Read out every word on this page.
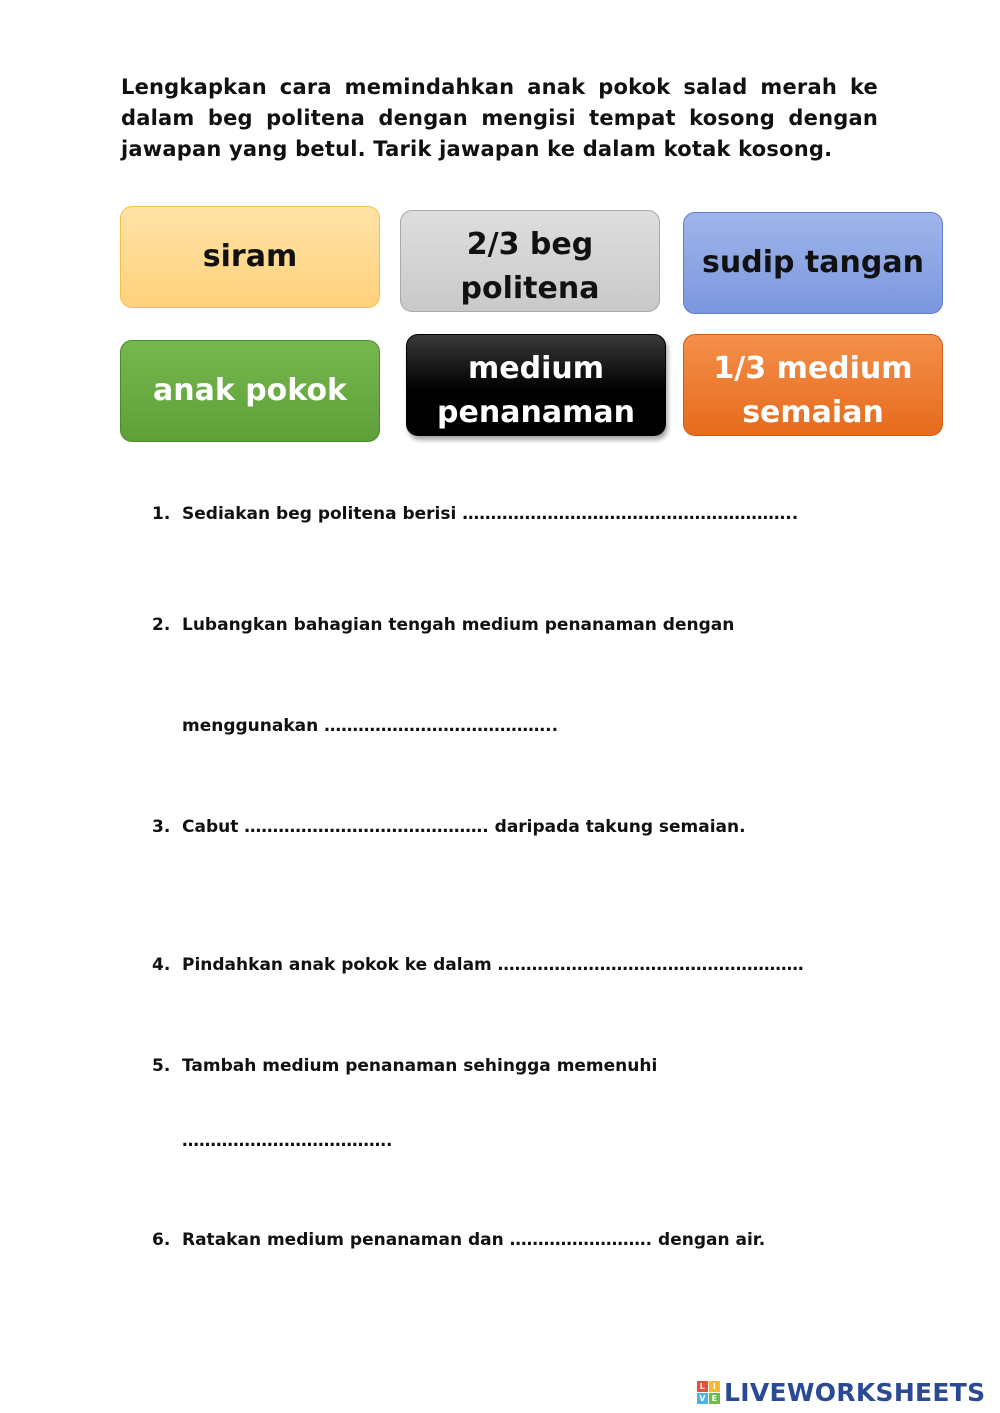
Lengkapkan cara memindahkan anak pokok salad merah ke dalam beg politena dengan mengisi tempat kosong dengan jawapan yang betul. Tarik jawapan ke dalam kotak kosong.
siram	2/3 beg politena
sudip tangan
anak pokok
medium penanaman
1/3 medium semaian
1. Sediakan beg politena berisi …………………………………………………..
2. Lubangkan bahagian tengah medium penanaman dengan
menggunakan …………………………………..
3. Cabut ……………………………………. daripada takung semaian.
4. Pindahkan anak pokok ke dalam ………………………………………………
5. Tambah medium penanaman sehingga memenuhi
……………………………….
6. Ratakan medium penanaman dan ……………………. dengan air.
L I
V E LIVEWORKSHEETS
